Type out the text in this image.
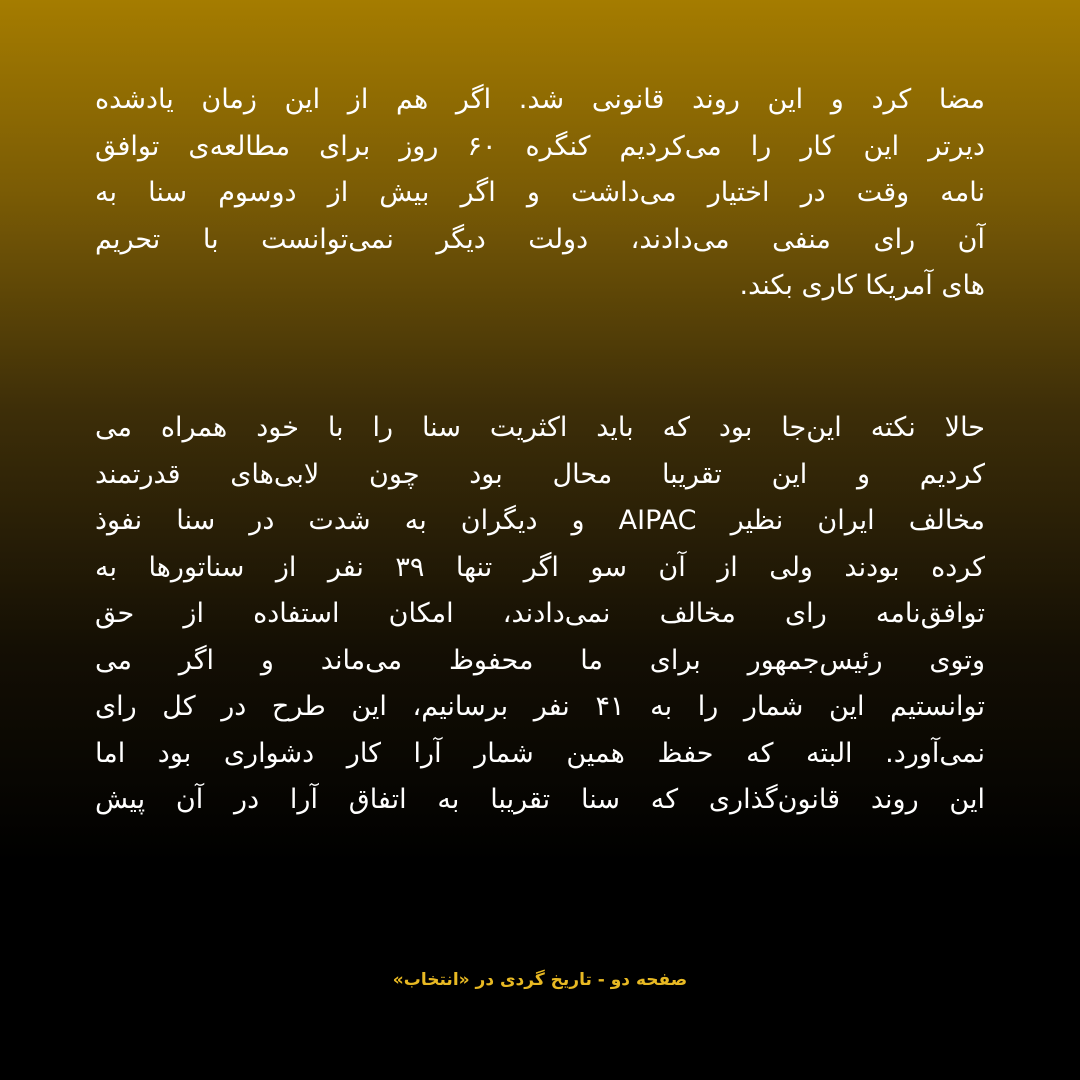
مضا کرد و این روند قانونی شد. اگر هم از این زمان یادشده
دیرتر این کار را می‌کردیم کنگره ۶۰ روز برای مطالعه‌ی توافق
نامه وقت در اختیار می‌داشت و اگر بیش از دوسوم سنا به
آن رای منفی می‌دادند، دولت دیگر نمی‌توانست با تحریم
های آمریکا کاری بکند.
حالا نکته این‌جا بود که باید اکثریت سنا را با خود همراه می
کردیم و این تقریبا محال بود چون لابی‌های قدرتمند
مخالف ایران نظیر AIPAC و دیگران به شدت در سنا نفوذ
کرده بودند ولی از آن سو اگر تنها ۳۹ نفر از سناتورها به
توافق‌نامه رای مخالف نمی‌دادند، امکان استفاده از حق
وتوی رئیس‌جمهور برای ما محفوظ می‌ماند و اگر می
توانستیم این شمار را به ۴۱ نفر برسانیم، این طرح در کل رای
نمی‌آورد. البته که حفظ همین شمار آرا کار دشواری بود اما
این روند قانون‌گذاری که سنا تقریبا به اتفاق آرا در آن پیش
صفحه دو - تاریخ گردی در «انتخاب»
